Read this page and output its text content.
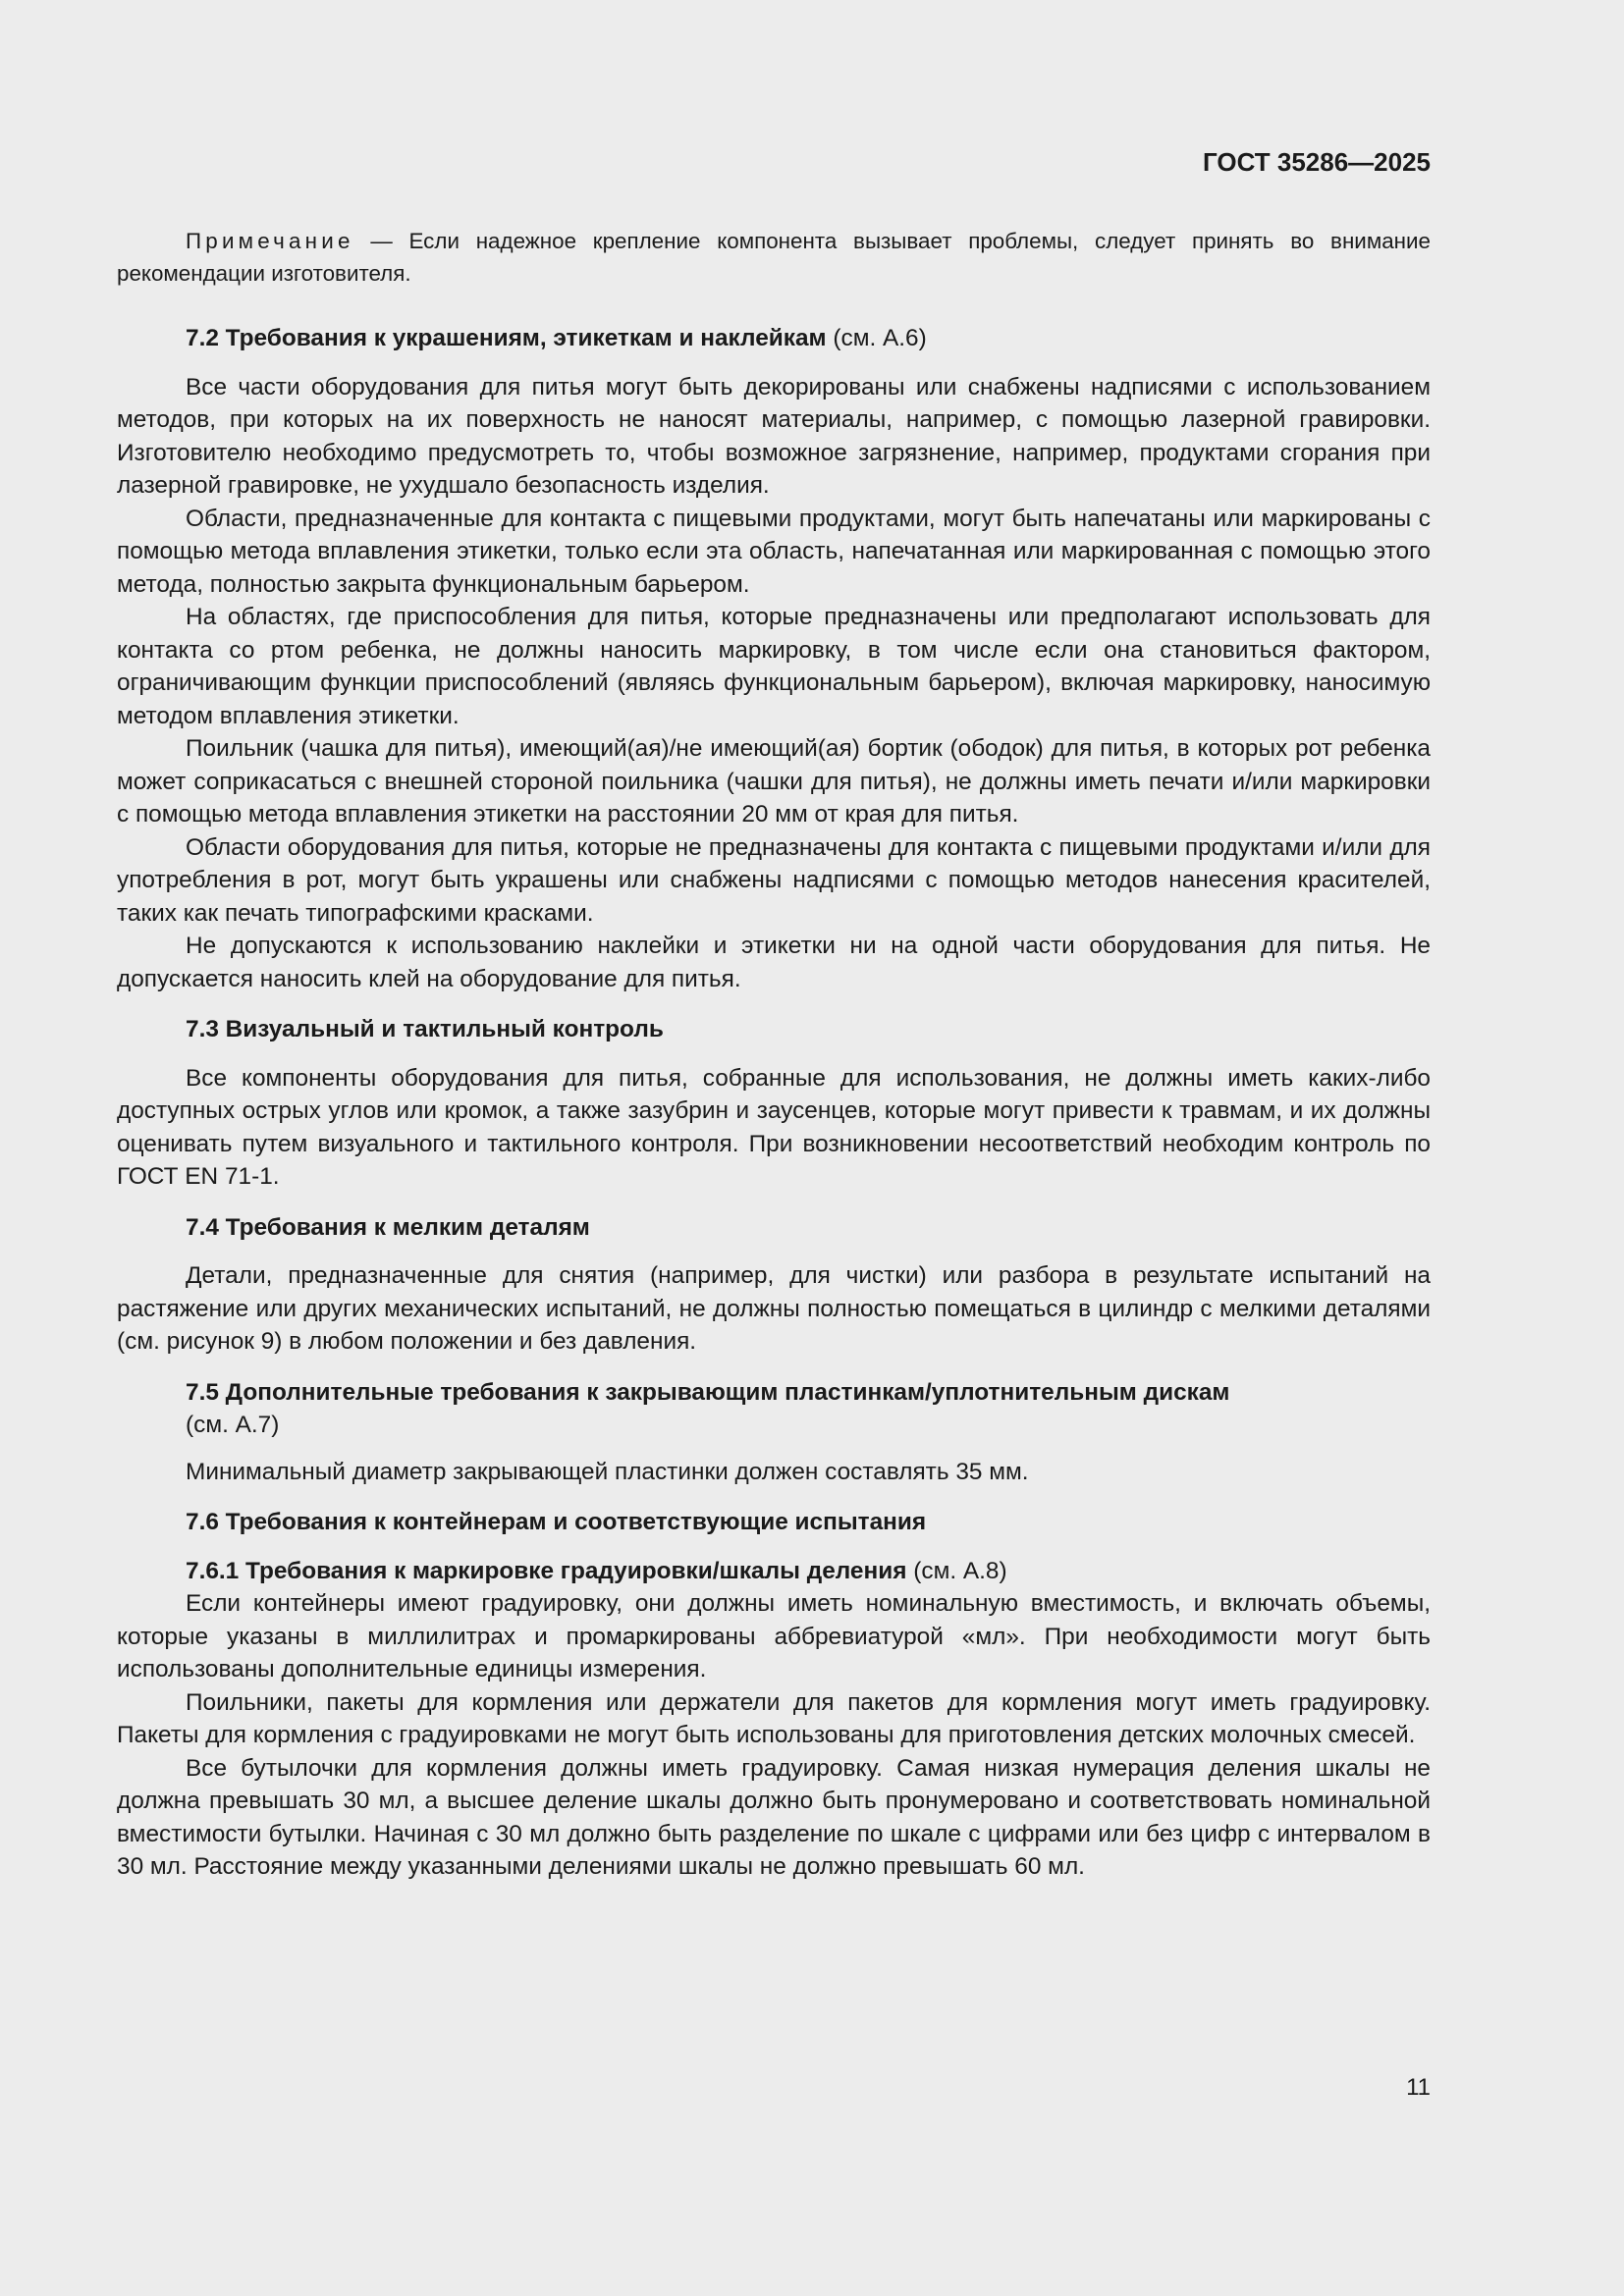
ГОСТ 35286—2025

Примечание — Если надежное крепление компонента вызывает проблемы, следует принять во внимание рекомендации изготовителя.

7.2 Требования к украшениям, этикеткам и наклейкам (см. А.6)

Все части оборудования для питья могут быть декорированы или снабжены надписями с использованием методов, при которых на их поверхность не наносят материалы, например, с помощью лазерной гравировки. Изготовителю необходимо предусмотреть то, чтобы возможное загрязнение, например, продуктами сгорания при лазерной гравировке, не ухудшало безопасность изделия.

Области, предназначенные для контакта с пищевыми продуктами, могут быть напечатаны или маркированы с помощью метода вплавления этикетки, только если эта область, напечатанная или маркированная с помощью этого метода, полностью закрыта функциональным барьером.

На областях, где приспособления для питья, которые предназначены или предполагают использовать для контакта со ртом ребенка, не должны наносить маркировку, в том числе если она становиться фактором, ограничивающим функции приспособлений (являясь функциональным барьером), включая маркировку, наносимую методом вплавления этикетки.

Поильник (чашка для питья), имеющий(ая)/не имеющий(ая) бортик (ободок) для питья, в которых рот ребенка может соприкасаться с внешней стороной поильника (чашки для питья), не должны иметь печати и/или маркировки с помощью метода вплавления этикетки на расстоянии 20 мм от края для питья.

Области оборудования для питья, которые не предназначены для контакта с пищевыми продуктами и/или для употребления в рот, могут быть украшены или снабжены надписями с помощью методов нанесения красителей, таких как печать типографскими красками.

Не допускаются к использованию наклейки и этикетки ни на одной части оборудования для питья. Не допускается наносить клей на оборудование для питья.

7.3 Визуальный и тактильный контроль

Все компоненты оборудования для питья, собранные для использования, не должны иметь каких-либо доступных острых углов или кромок, а также зазубрин и заусенцев, которые могут привести к травмам, и их должны оценивать путем визуального и тактильного контроля. При возникновении несоответствий необходим контроль по ГОСТ EN 71-1.

7.4 Требования к мелким деталям

Детали, предназначенные для снятия (например, для чистки) или разбора в результате испытаний на растяжение или других механических испытаний, не должны полностью помещаться в цилиндр с мелкими деталями (см. рисунок 9) в любом положении и без давления.

7.5 Дополнительные требования к закрывающим пластинкам/уплотнительным дискам

(см. А.7)

Минимальный диаметр закрывающей пластинки должен составлять 35 мм.

7.6 Требования к контейнерам и соответствующие испытания

7.6.1 Требования к маркировке градуировки/шкалы деления (см. А.8)

Если контейнеры имеют градуировку, они должны иметь номинальную вместимость, и включать объемы, которые указаны в миллилитрах и промаркированы аббревиатурой «мл». При необходимости могут быть использованы дополнительные единицы измерения.

Поильники, пакеты для кормления или держатели для пакетов для кормления могут иметь градуировку. Пакеты для кормления с градуировками не могут быть использованы для приготовления детских молочных смесей.

Все бутылочки для кормления должны иметь градуировку. Самая низкая нумерация деления шкалы не должна превышать 30 мл, а высшее деление шкалы должно быть пронумеровано и соответствовать номинальной вместимости бутылки. Начиная с 30 мл должно быть разделение по шкале с цифрами или без цифр с интервалом в 30 мл. Расстояние между указанными делениями шкалы не должно превышать 60 мл.

11
